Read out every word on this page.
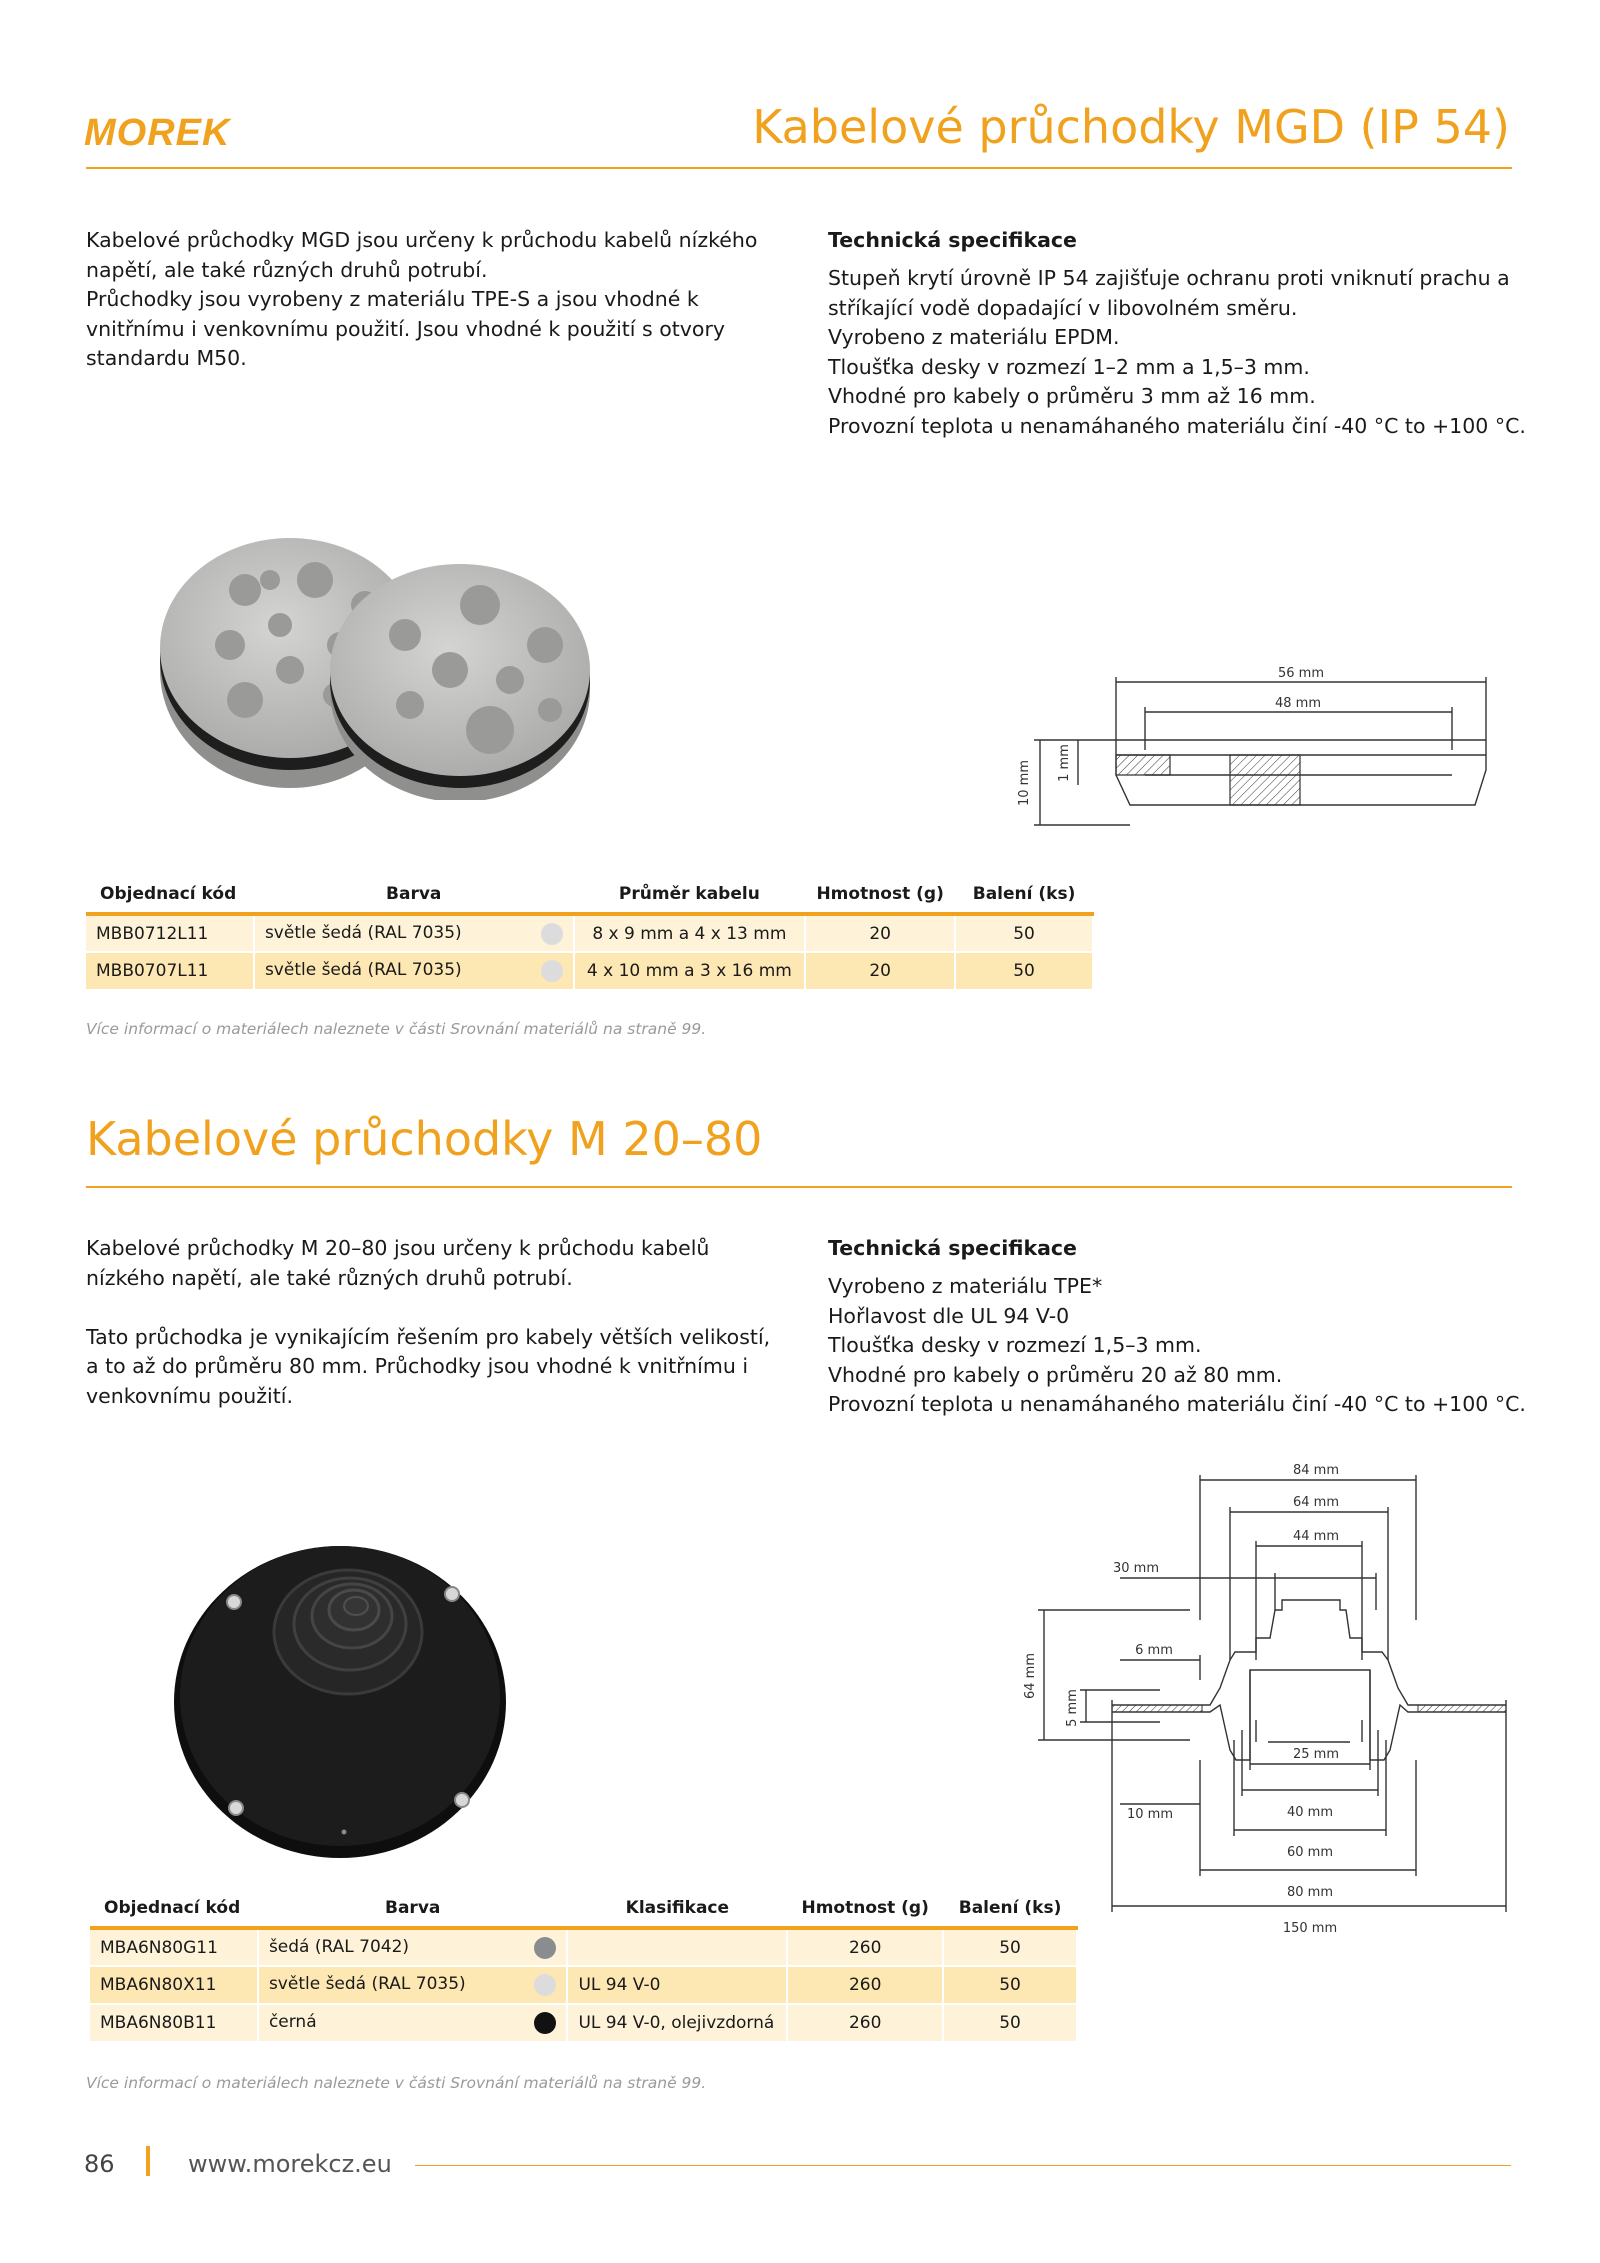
MOREK	Kabelové průchodky MGD (IP 54)
Kabelové průchodky MGD jsou určeny k průchodu kabelů nízkého
napětí, ale také různých druhů potrubí.
Průchodky jsou vyrobeny z materiálu TPE-S a jsou vhodné k
vnitřnímu i venkovnímu použití. Jsou vhodné k použití s otvory
standardu M50.
Technická specifikace
Stupeň krytí úrovně IP 54 zajišťuje ochranu proti vniknutí prachu a
stříkající vodě dopadající v libovolném směru.
Vyrobeno z materiálu EPDM.
Tloušťka desky v rozmezí 1–2 mm a 1,5–3 mm.
Vhodné pro kabely o průměru 3 mm až 16 mm.
Provozní teplota u nenamáhaného materiálu činí -40 °C to +100 °C.
56 mm
48 mm
10 mm 1 mm
Objednací kód	Barva	Průměr kabelu	Hmotnost (g)	Balení (ks)
MBB0712L11	světle šedá (RAL 7035)	8 x 9 mm a 4 x 13 mm	20	50
MBB0707L11	světle šedá (RAL 7035)	4 x 10 mm a 3 x 16 mm	20	50
Více informací o materiálech naleznete v části Srovnání materiálů na straně 99.
Kabelové průchodky M 20–80
Kabelové průchodky M 20–80 jsou určeny k průchodu kabelů
nízkého napětí, ale také různých druhů potrubí.
Tato průchodka je vynikajícím řešením pro kabely větších velikostí,
a to až do průměru 80 mm. Průchodky jsou vhodné k vnitřnímu i
venkovnímu použití.
Technická specifikace
Vyrobeno z materiálu TPE*
Hořlavost dle UL 94 V-0
Tloušťka desky v rozmezí 1,5–3 mm.
Vhodné pro kabely o průměru 20 až 80 mm.
Provozní teplota u nenamáhaného materiálu činí -40 °C to +100 °C.
84 mm
64 mm
44 mm
30 mm
6 mm
64 mm
5 mm
25 mm
10 mm	40 mm
60 mm
80 mm
150 mm
Objednací kód	Barva	Klasifikace	Hmotnost (g)	Balení (ks)
MBA6N80G11	šedá (RAL 7042)		260	50
MBA6N80X11	světle šedá (RAL 7035)	UL 94 V-0	260	50
MBA6N80B11	černá	UL 94 V-0, olejivzdorná	260	50
Více informací o materiálech naleznete v části Srovnání materiálů na straně 99.
86	www.morekcz.eu
